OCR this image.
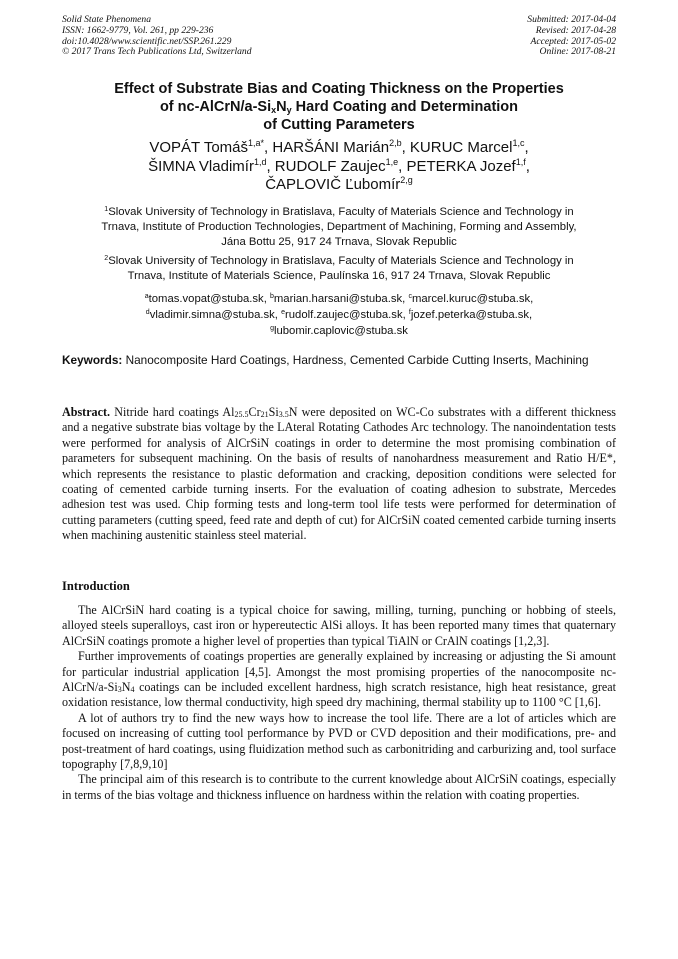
Solid State Phenomena
ISSN: 1662-9779, Vol. 261, pp 229-236
doi:10.4028/www.scientific.net/SSP.261.229
© 2017 Trans Tech Publications Ltd, Switzerland
Submitted: 2017-04-04
Revised: 2017-04-28
Accepted: 2017-05-02
Online: 2017-08-21
Effect of Substrate Bias and Coating Thickness on the Properties
of $nc-AlCrN/a-Si_xN_y$ Hard Coating and Determination
of Cutting Parameters
VOPÁT Tomáš$^{1,a*}$, HARŠÁNI Marián$^{2,b}$, KURUC Marcel$^{1,c}$,
ŠIMNA Vladimír$^{1,d}$, RUDOLF Zaujec$^{1,e}$, PETERKA Jozef$^{1,f}$,
ČAPLOVIČ Ľubomír$^{2,g}$
$^1$Slovak University of Technology in Bratislava, Faculty of Materials Science and Technology in
Trnava, Institute of Production Technologies, Department of Machining, Forming and Assembly,
Jána Bottu 25, 917 24 Trnava, Slovak Republic
$^2$Slovak University of Technology in Bratislava, Faculty of Materials Science and Technology in
Trnava, Institute of Materials Science, Paulínska 16, 917 24 Trnava, Slovak Republic
$^a$tomas.vopat@stuba.sk, $^b$marian.harsani@stuba.sk, $^c$marcel.kuruc@stuba.sk,
$^d$vladimir.simna@stuba.sk, $^e$rudolf.zaujec@stuba.sk, $^f$jozef.peterka@stuba.sk,
$^g$lubomir.caplovic@stuba.sk
Keywords: Nanocomposite Hard Coatings, Hardness, Cemented Carbide Cutting Inserts, Machining
Abstract. Nitride hard coatings $Al_{25.5}Cr_{21}Si_{3.5}N$ were deposited on WC-Co substrates with a different thickness and a negative substrate bias voltage by the LAteral Rotating Cathodes Arc technology. The nanoindentation tests were performed for analysis of AlCrSiN coatings in order to determine the most promising combination of parameters for subsequent machining. On the basis of results of nanohardness measurement and Ratio H/E*, which represents the resistance to plastic deformation and cracking, deposition conditions were selected for coating of cemented carbide turning inserts. For the evaluation of coating adhesion to substrate, Mercedes adhesion test was used. Chip forming tests and long-term tool life tests were performed for determination of cutting parameters (cutting speed, feed rate and depth of cut) for AlCrSiN coated cemented carbide turning inserts when machining austenitic stainless steel material.
Introduction

The AlCrSiN hard coating is a typical choice for sawing, milling, turning, punching or hobbing of steels, alloyed steels superalloys, cast iron or hypereutectic AlSi alloys. It has been reported many times that quaternary AlCrSiN coatings promote a higher level of properties than typical TiAlN or CrAlN coatings [1,2,3].

Further improvements of coatings properties are generally explained by increasing or adjusting the Si amount for particular industrial application [4,5]. Amongst the most promising properties of the nanocomposite $nc-AlCrN/a-Si_3N_4$ coatings can be included excellent hardness, high scratch resistance, high heat resistance, great oxidation resistance, low thermal conductivity, high speed dry machining, thermal stability up to 1100 °C [1,6].

A lot of authors try to find the new ways how to increase the tool life. There are a lot of articles which are focused on increasing of cutting tool performance by PVD or CVD deposition and their modifications, pre- and post-treatment of hard coatings, using fluidization method such as carbonitriding and carburizing and, tool surface topography [7,8,9,10]

The principal aim of this research is to contribute to the current knowledge about AlCrSiN coatings, especially in terms of the bias voltage and thickness influence on hardness within the relation with coating properties.
